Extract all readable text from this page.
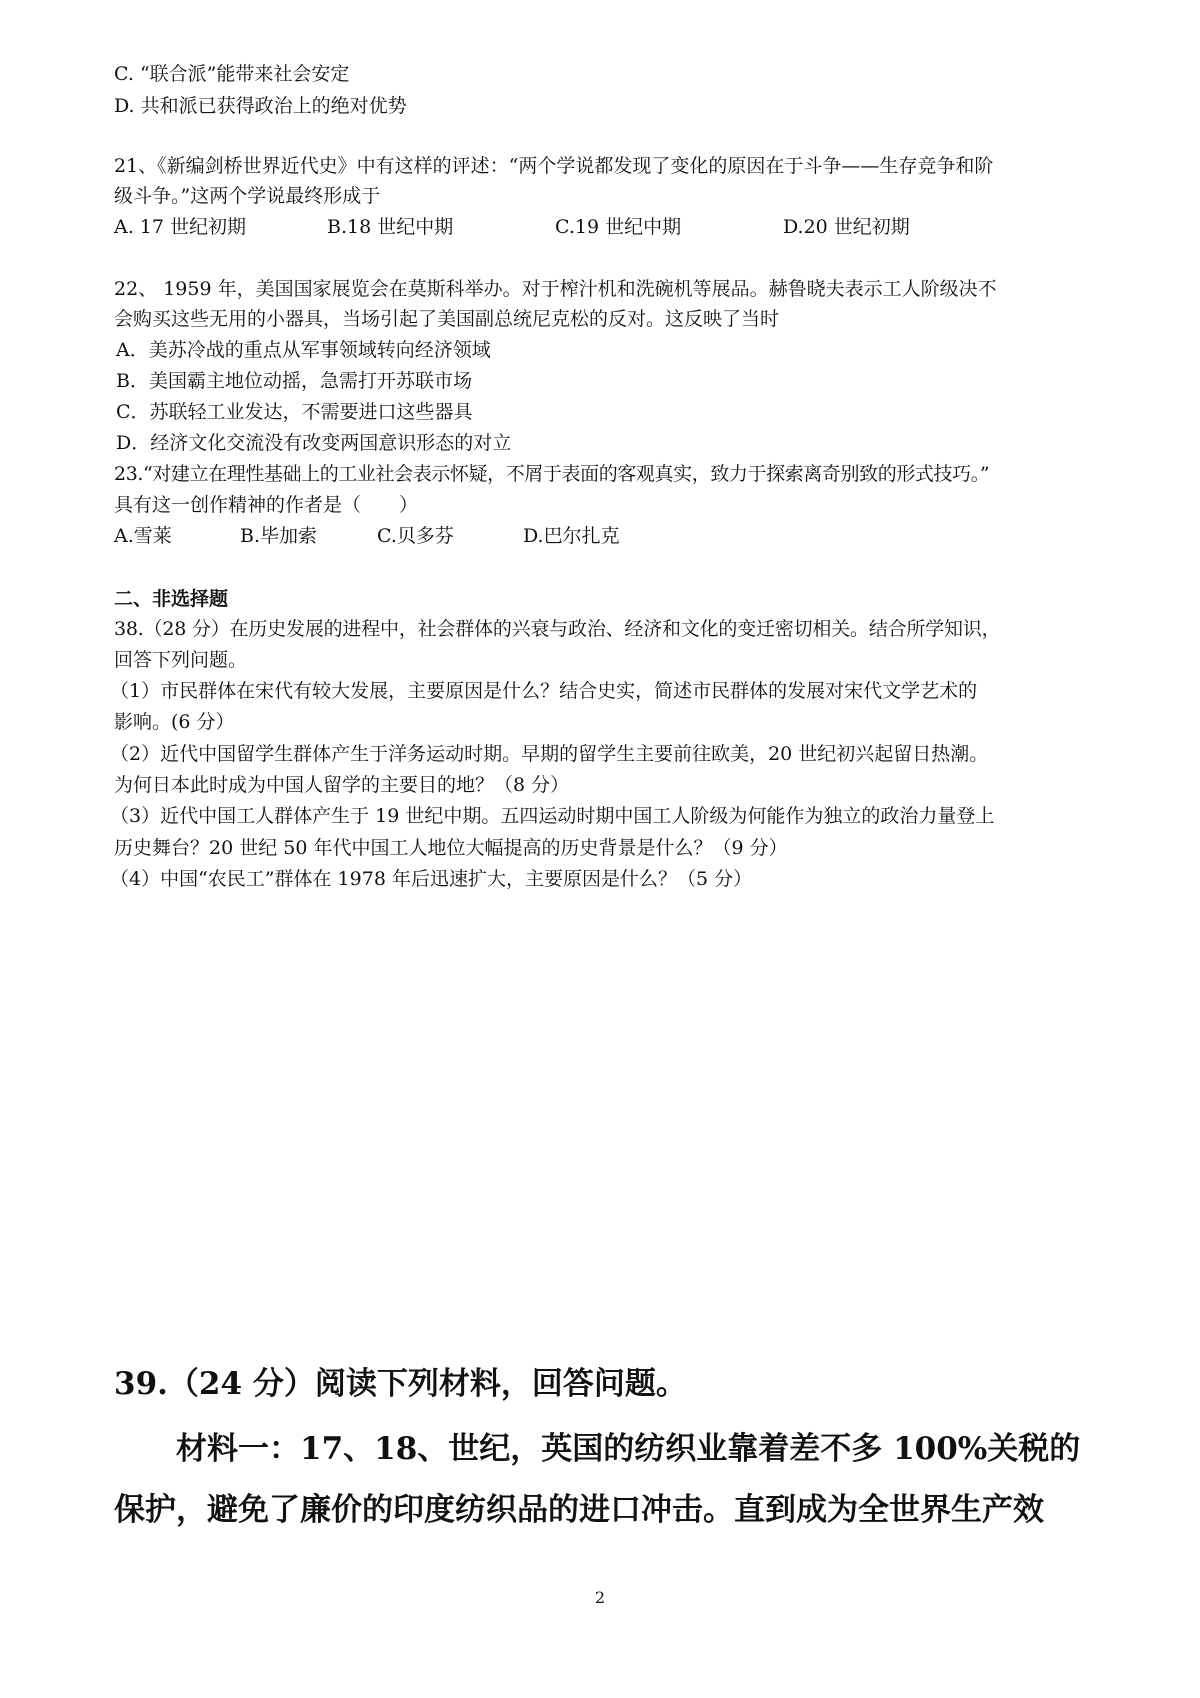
C. “联合派”能带来社会安定
D. 共和派已获得政治上的绝对优势
21、《新编剑桥世界近代史》中有这样的评述：“两个学说都发现了变化的原因在于斗争——生存竞争和阶
级斗争。”这两个学说最终形成于
A. 17 世纪初期	B.18 世纪中期	C.19 世纪中期	D.20 世纪初期
22、 1959 年，美国国家展览会在莫斯科举办。对于榨汁机和洗碗机等展品。赫鲁晓夫表示工人阶级决不
会购买这些无用的小器具，当场引起了美国副总统尼克松的反对。这反映了当时
A．美苏冷战的重点从军事领域转向经济领域
B．美国霸主地位动摇，急需打开苏联市场
C．苏联轻工业发达，不需要进口这些器具
D．经济文化交流没有改变两国意识形态的对立
23.“对建立在理性基础上的工业社会表示怀疑，不屑于表面的客观真实，致力于探索离奇别致的形式技巧。”
具有这一创作精神的作者是（　　）
A.雪莱	B.毕加索	C.贝多芬	D.巴尔扎克
二、非选择题
38.（28 分）在历史发展的进程中，社会群体的兴衰与政治、经济和文化的变迁密切相关。结合所学知识，
回答下列问题。
（1）市民群体在宋代有较大发展，主要原因是什么？结合史实，简述市民群体的发展对宋代文学艺术的
影响。(6 分）
（2）近代中国留学生群体产生于洋务运动时期。早期的留学生主要前往欧美，20 世纪初兴起留日热潮。
为何日本此时成为中国人留学的主要目的地？（8 分）
（3）近代中国工人群体产生于 19 世纪中期。五四运动时期中国工人阶级为何能作为独立的政治力量登上
历史舞台？20 世纪 50 年代中国工人地位大幅提高的历史背景是什么？（9 分）
（4）中国“农民工”群体在 1978 年后迅速扩大，主要原因是什么？（5 分）
39.（24 分）阅读下列材料，回答问题。
　　材料一：17、18、世纪，英国的纺织业靠着差不多 100%关税的
保护，避免了廉价的印度纺织品的进口冲击。直到成为全世界生产效
2
